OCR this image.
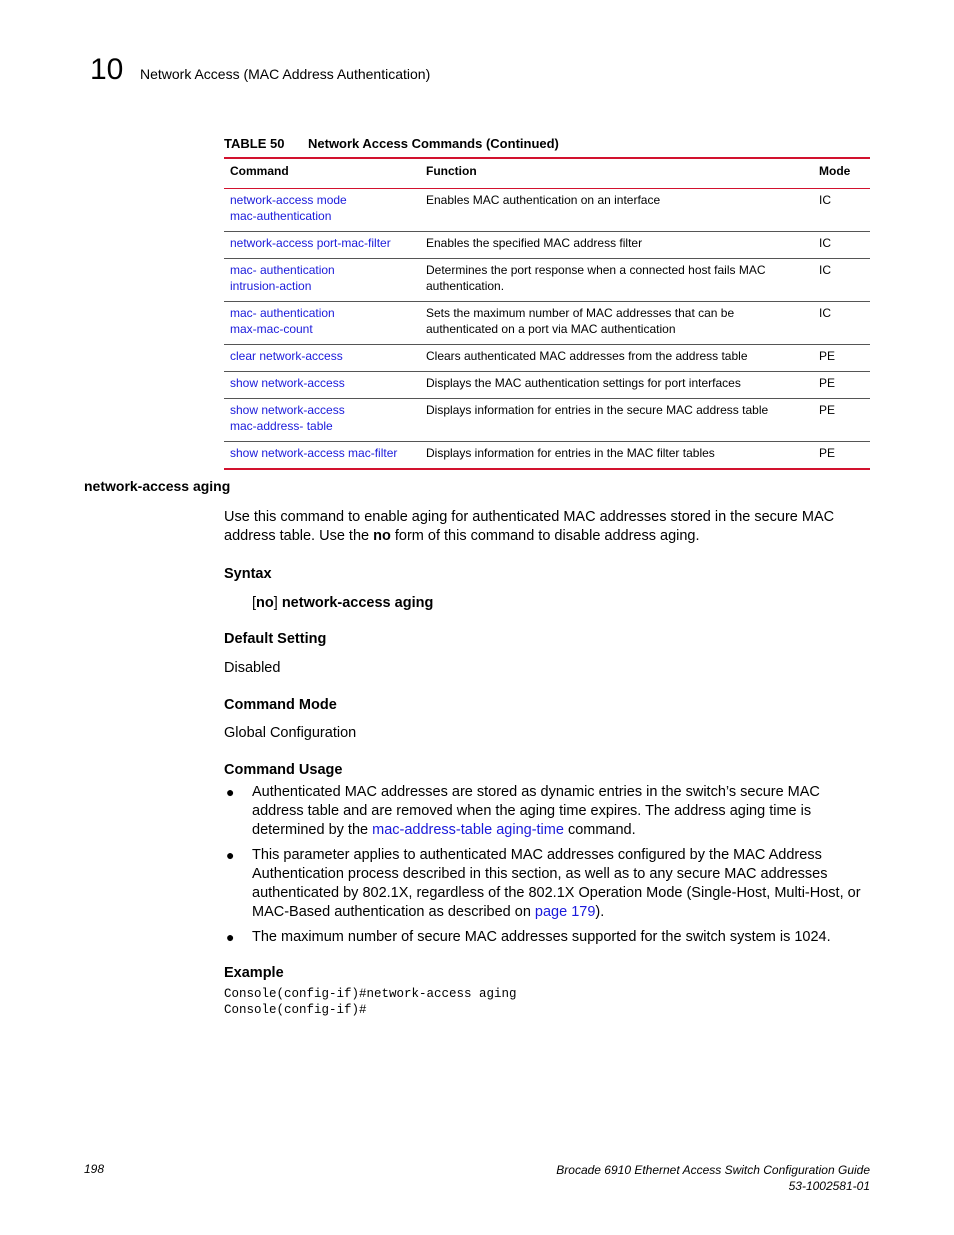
10 Network Access (MAC Address Authentication)
TABLE 50 Network Access Commands (Continued)
Command	Function	Mode
network-access mode
mac-authentication	Enables MAC authentication on an interface	IC
network-access port-mac-filter	Enables the specified MAC address filter	IC
mac- authentication
intrusion-action	Determines the port response when a connected host fails MAC authentication.	IC
mac- authentication
max-mac-count	Sets the maximum number of MAC addresses that can be authenticated on a port via MAC authentication	IC
clear network-access	Clears authenticated MAC addresses from the address table	PE
show network-access	Displays the MAC authentication settings for port interfaces	PE
show network-access
mac-address- table	Displays information for entries in the secure MAC address table	PE
show network-access mac-filter	Displays information for entries in the MAC filter tables	PE
network-access aging
Use this command to enable aging for authenticated MAC addresses stored in the secure MAC address table. Use the no form of this command to disable address aging.
Syntax
[no] network-access aging
Default Setting
Disabled
Command Mode
Global Configuration
Command Usage
● Authenticated MAC addresses are stored as dynamic entries in the switch’s secure MAC address table and are removed when the aging time expires. The address aging time is determined by the mac-address-table aging-time command.
● This parameter applies to authenticated MAC addresses configured by the MAC Address Authentication process described in this section, as well as to any secure MAC addresses authenticated by 802.1X, regardless of the 802.1X Operation Mode (Single-Host, Multi-Host, or MAC-Based authentication as described on page 179).
● The maximum number of secure MAC addresses supported for the switch system is 1024.
Example
Console(config-if)#network-access aging
Console(config-if)#
198	Brocade 6910 Ethernet Access Switch Configuration Guide
53-1002581-01
